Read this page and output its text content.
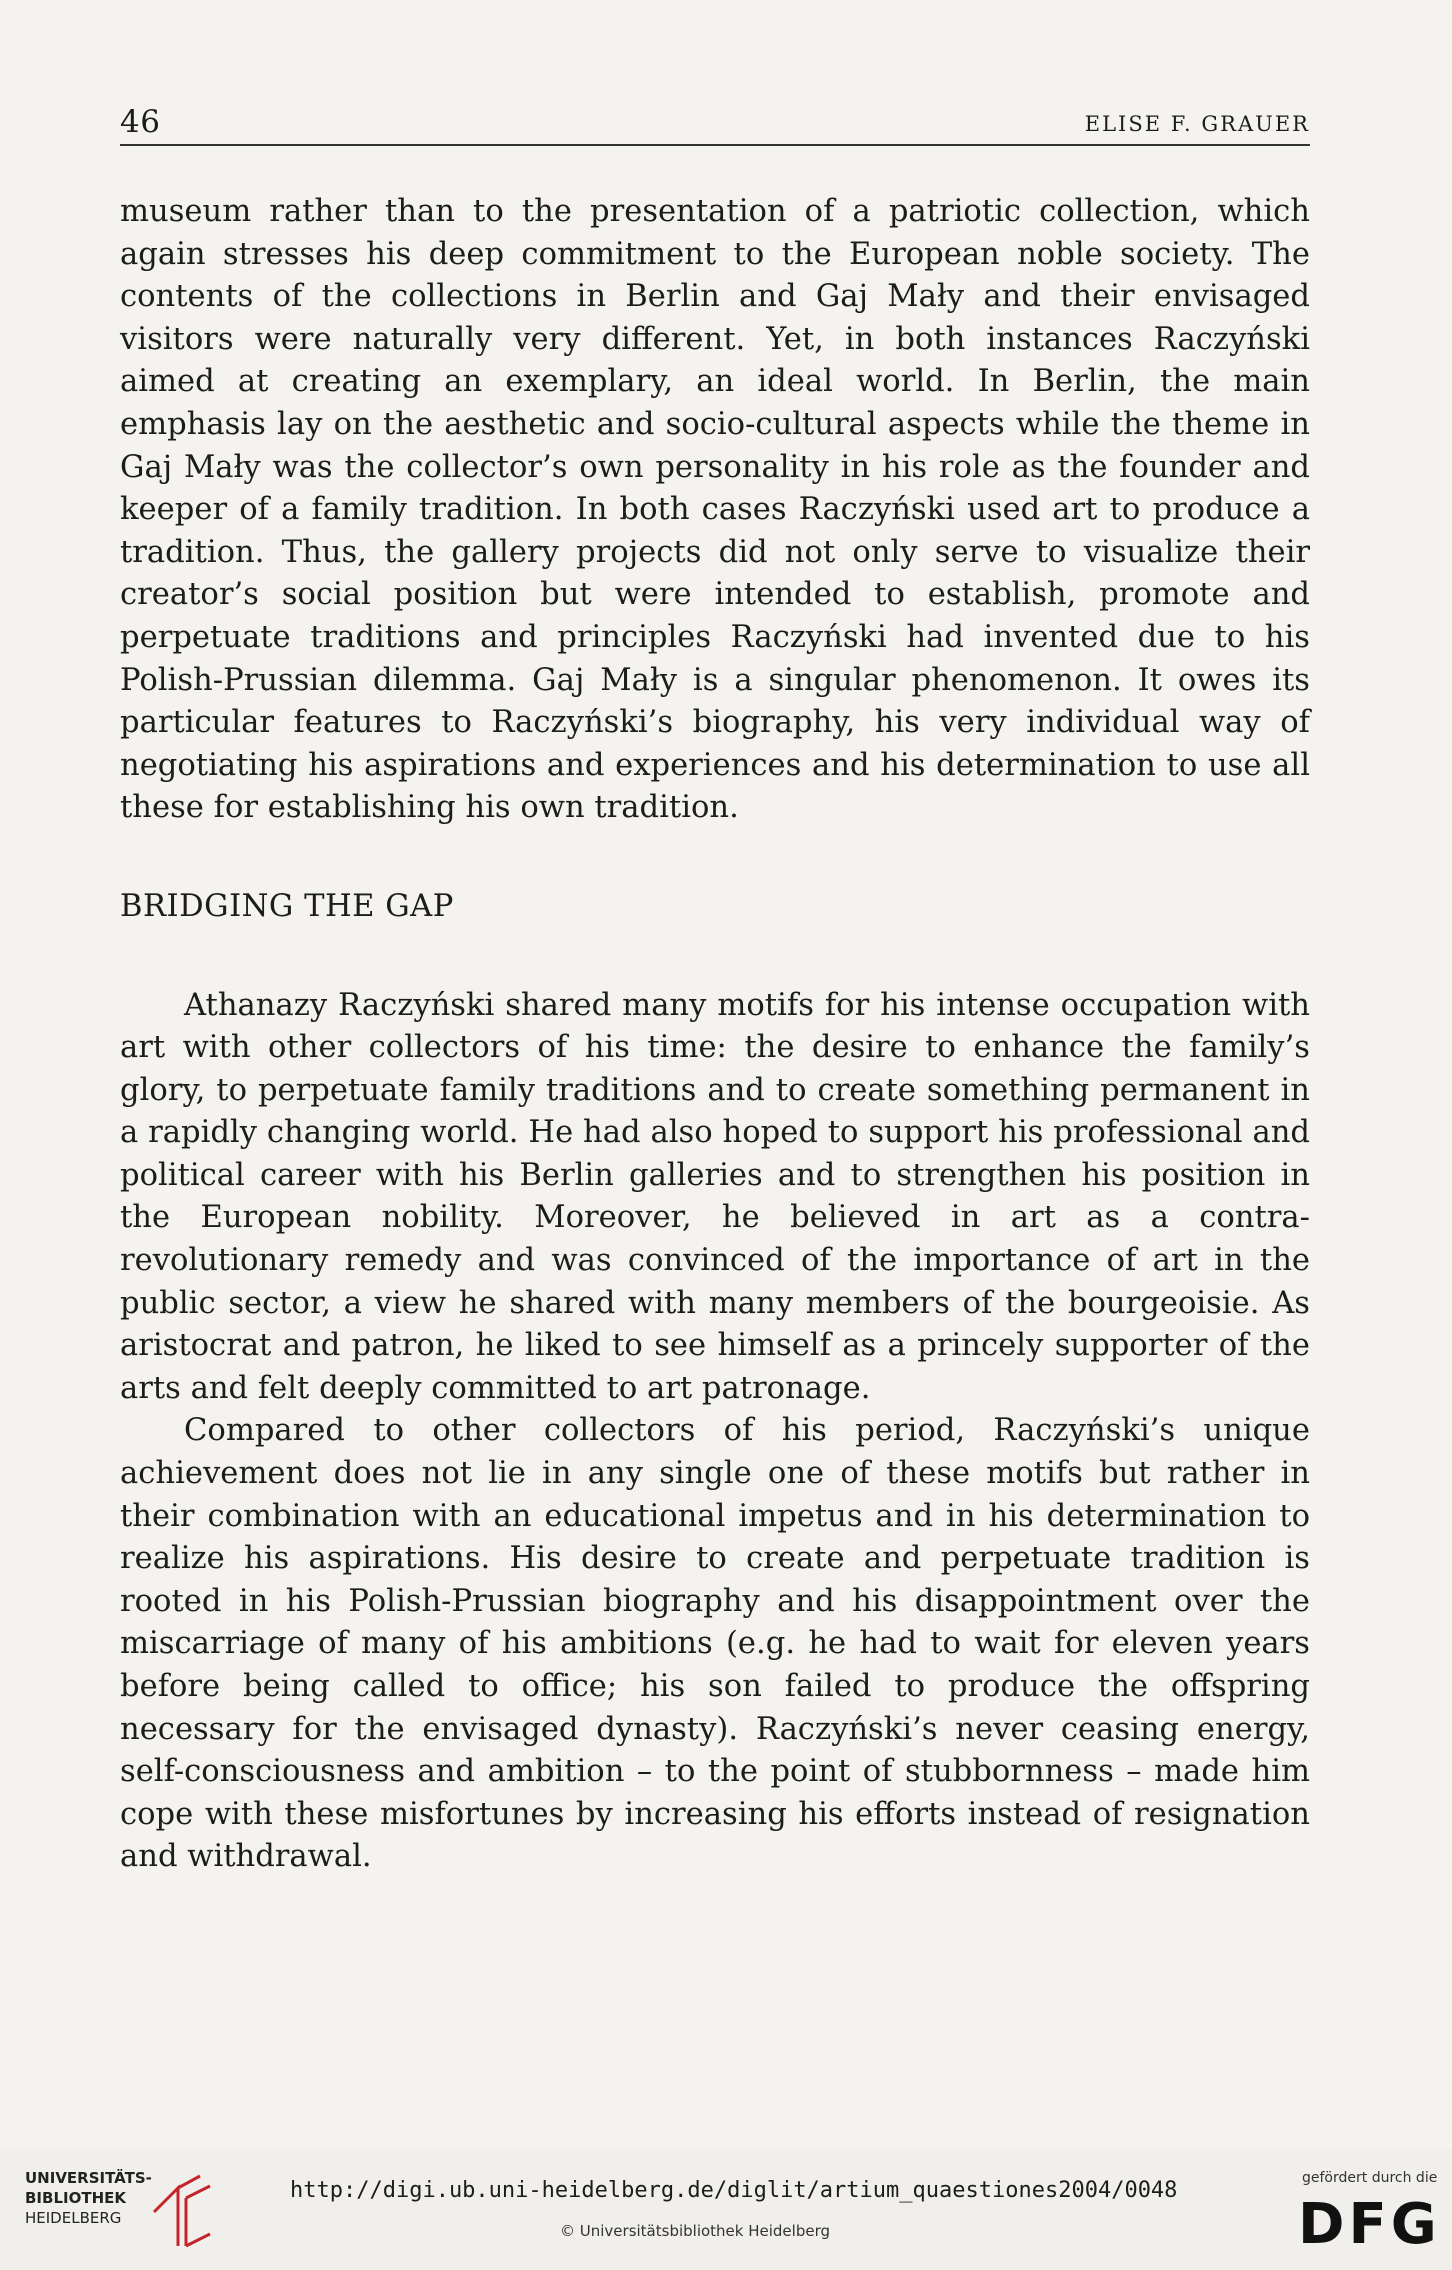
46	ELISE F. GRAUER

museum rather than to the presentation of a patriotic collection, which again stresses his deep commitment to the European noble society. The contents of the collections in Berlin and Gaj Mały and their envisaged visitors were naturally very different. Yet, in both instances Raczyński aimed at creating an exemplary, an ideal world. In Berlin, the main emphasis lay on the aesthetic and socio-cultural aspects while the theme in Gaj Mały was the collector’s own personality in his role as the founder and keeper of a family tradition. In both cases Raczyński used art to produce a tradition. Thus, the gallery projects did not only serve to visualize their creator’s social position but were intended to establish, promote and perpetuate traditions and principles Raczyński had invented due to his Polish-Prussian dilemma. Gaj Mały is a singular phenomenon. It owes its particular features to Raczyński’s biography, his very individual way of negotiating his aspirations and experiences and his determination to use all these for establishing his own tradition.

BRIDGING THE GAP

Athanazy Raczyński shared many motifs for his intense occupation with art with other collectors of his time: the desire to enhance the family’s glory, to perpetuate family traditions and to create something permanent in a rapidly changing world. He had also hoped to support his professional and political career with his Berlin galleries and to strengthen his position in the European nobility. Moreover, he believed in art as a contra-revolutionary remedy and was convinced of the importance of art in the public sector, a view he shared with many members of the bourgeoisie. As aristocrat and patron, he liked to see himself as a princely supporter of the arts and felt deeply committed to art patronage.

Compared to other collectors of his period, Raczyński’s unique achievement does not lie in any single one of these motifs but rather in their combination with an educational impetus and in his determination to realize his aspirations. His desire to create and perpetuate tradition is rooted in his Polish-Prussian biography and his disappointment over the miscarriage of many of his ambitions (e.g. he had to wait for eleven years before being called to office; his son failed to produce the offspring necessary for the envisaged dynasty). Raczyński’s never ceasing energy, self-consciousness and ambition – to the point of stubbornness – made him cope with these misfortunes by increasing his efforts instead of resignation and withdrawal.

UNIVERSITÄTS-
BIBLIOTHEK
HEIDELBERG
http://digi.ub.uni-heidelberg.de/diglit/artium_quaestiones2004/0048
© Universitätsbibliothek Heidelberg
gefördert durch die
DFG
